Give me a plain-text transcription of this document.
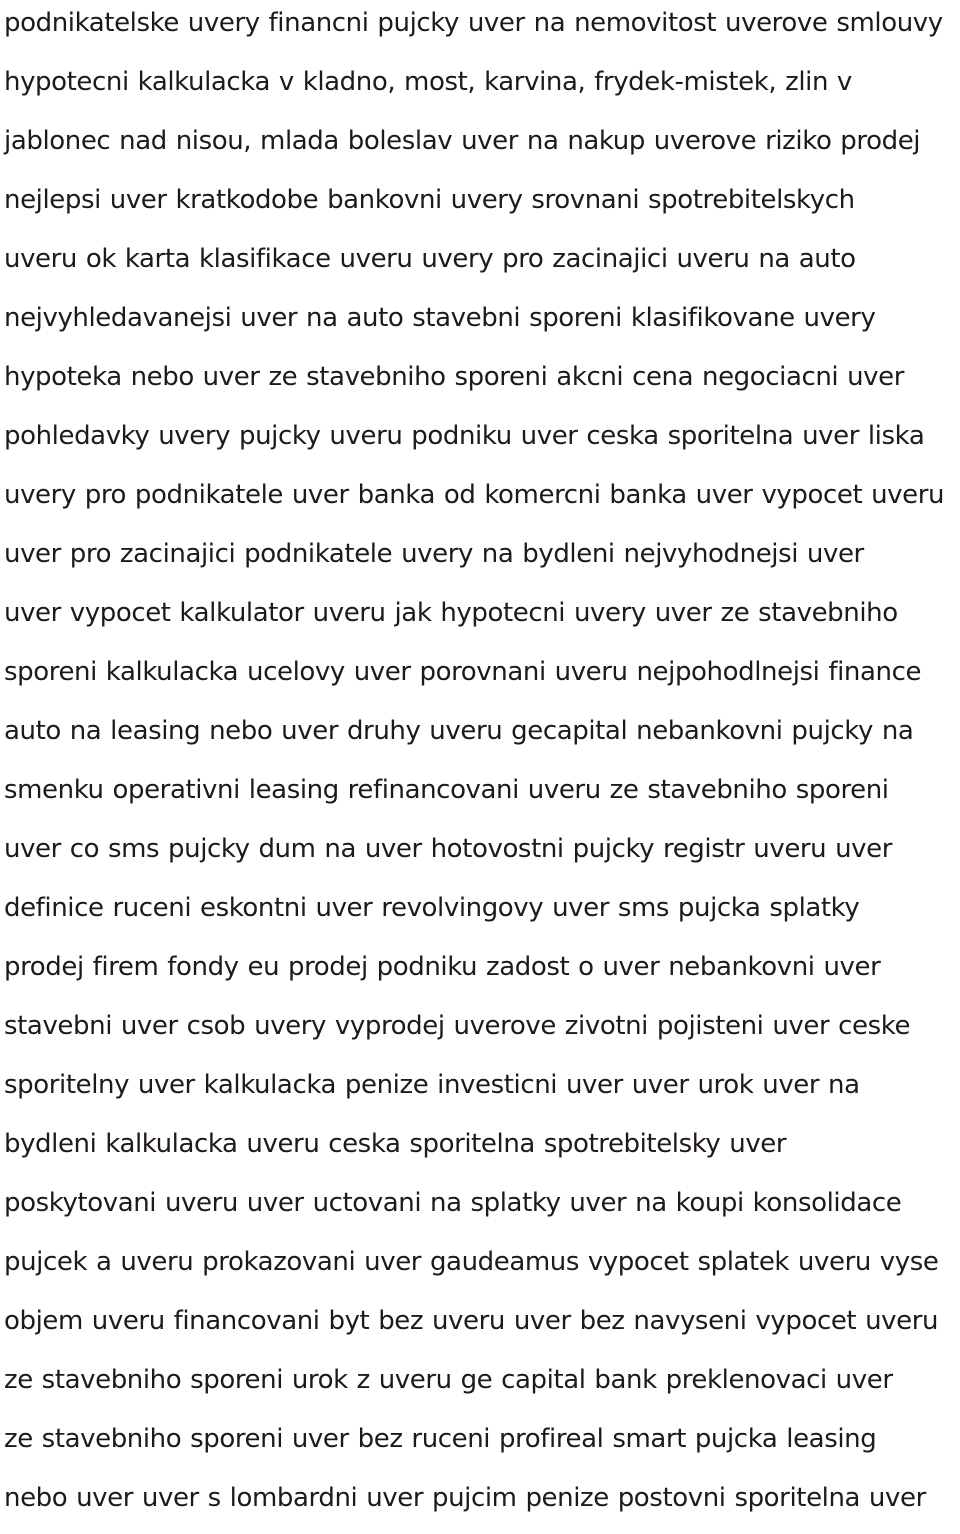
podnikatelske uvery financni pujcky uver na nemovitost uverove smlouvy
hypotecni kalkulacka v kladno, most, karvina, frydek-mistek, zlin v
jablonec nad nisou, mlada boleslav uver na nakup uverove riziko prodej
nejlepsi uver kratkodobe bankovni uvery srovnani spotrebitelskych
uveru ok karta klasifikace uveru uvery pro zacinajici uveru na auto
nejvyhledavanejsi uver na auto stavebni sporeni klasifikovane uvery
hypoteka nebo uver ze stavebniho sporeni akcni cena negociacni uver
pohledavky uvery pujcky uveru podniku uver ceska sporitelna uver liska
uvery pro podnikatele uver banka od komercni banka uver vypocet uveru
uver pro zacinajici podnikatele uvery na bydleni nejvyhodnejsi uver
uver vypocet kalkulator uveru jak hypotecni uvery uver ze stavebniho
sporeni kalkulacka ucelovy uver porovnani uveru nejpohodlnejsi finance
auto na leasing nebo uver druhy uveru gecapital nebankovni pujcky na
smenku operativni leasing refinancovani uveru ze stavebniho sporeni
uver co sms pujcky dum na uver hotovostni pujcky registr uveru uver
definice ruceni eskontni uver revolvingovy uver sms pujcka splatky
prodej firem fondy eu prodej podniku zadost o uver nebankovni uver
stavebni uver csob uvery vyprodej uverove zivotni pojisteni uver ceske
sporitelny uver kalkulacka penize investicni uver uver urok uver na
bydleni kalkulacka uveru ceska sporitelna spotrebitelsky uver
poskytovani uveru uver uctovani na splatky uver na koupi konsolidace
pujcek a uveru prokazovani uver gaudeamus vypocet splatek uveru vyse
objem uveru financovani byt bez uveru uver bez navyseni vypocet uveru
ze stavebniho sporeni urok z uveru ge capital bank preklenovaci uver
ze stavebniho sporeni uver bez ruceni profireal smart pujcka leasing
nebo uver uver s lombardni uver pujcim penize postovni sporitelna uver
